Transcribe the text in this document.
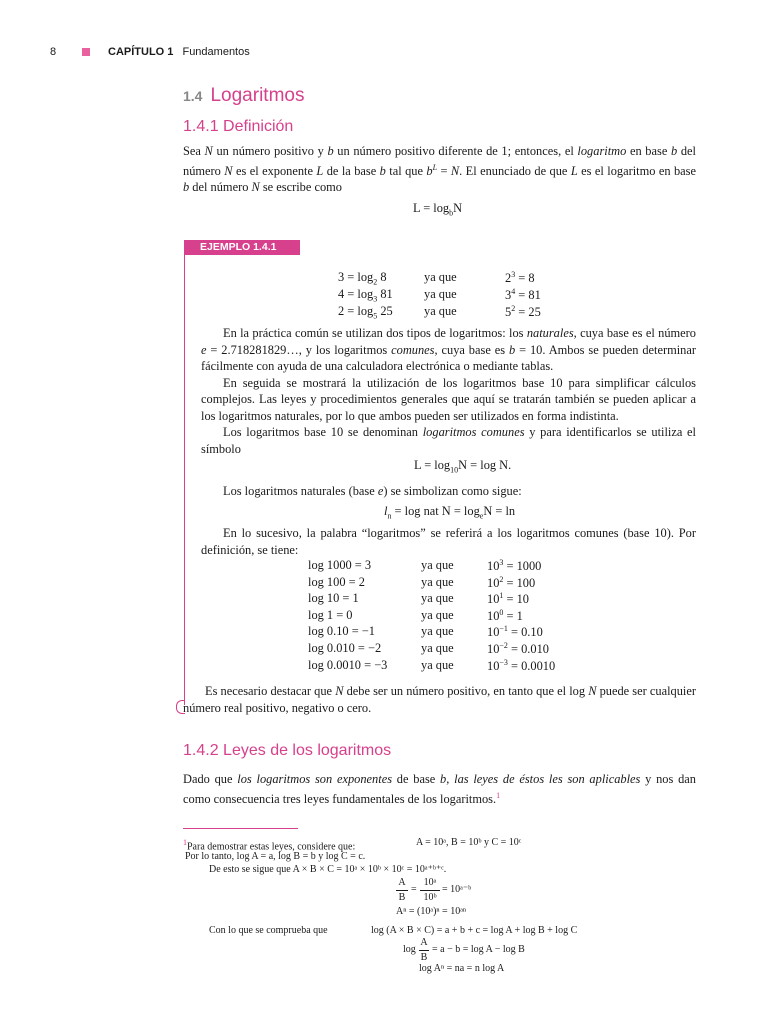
8	CAPÍTULO 1 Fundamentos
1.4 Logaritmos
1.4.1 Definición
Sea N un número positivo y b un número positivo diferente de 1; entonces, el logaritmo en base b del número N es el exponente L de la base b tal que $b^L = N$. El enunciado de que L es el logaritmo en base b del número N se escribe como
$L = \log_bN$
EJEMPLO 1.4.1
$3 = \log_2 8$	ya que	$2^3 = 8$
$4 = \log_3 81$	ya que	$3^4 = 81$
$2 = \log_5 25$	ya que	$5^2 = 25$
En la práctica común se utilizan dos tipos de logaritmos: los naturales, cuya base es el número e = 2.718281829…, y los logaritmos comunes, cuya base es b = 10. Ambos se pueden determinar fácilmente con ayuda de una calculadora electrónica o mediante tablas.
En seguida se mostrará la utilización de los logaritmos base 10 para simplificar cálculos complejos. Las leyes y procedimientos generales que aquí se tratarán también se pueden aplicar a los logaritmos naturales, por lo que ambos pueden ser utilizados en forma indistinta.
Los logaritmos base 10 se denominan logaritmos comunes y para identificarlos se utiliza el símbolo
$L = \log_{10}N = \log N$.
Los logaritmos naturales (base e) se simbolizan como sigue:
$l_n = \log$ nat $N = \log_eN = \ln$
En lo sucesivo, la palabra “logaritmos” se referirá a los logaritmos comunes (base 10). Por definición, se tiene:
log 1000 = 3	ya que	$10^3 = 1000$
log 100 = 2	ya que	$10^2 = 100$
log 10 = 1	ya que	$10^1 = 10$
log 1 = 0	ya que	$10^0 = 1$
log 0.10 = −1	ya que	$10^{-1} = 0.10$
log 0.010 = −2	ya que	$10^{-2} = 0.010$
log 0.0010 = −3	ya que	$10^{-3} = 0.0010$
Es necesario destacar que N debe ser un número positivo, en tanto que el log N puede ser cualquier número real positivo, negativo o cero.
1.4.2 Leyes de los logaritmos
Dado que los logaritmos son exponentes de base b, las leyes de éstos les son aplicables y nos dan como consecuencia tres leyes fundamentales de los logaritmos.$^1$
$^1$Para demostrar estas leyes, considere que:	A = 10ᵃ, B = 10ᵇ y C = 10ᶜ
Por lo tanto, log A = a, log B = b y log C = c.
De esto se sigue que A × B × C = 10ᵃ × 10ᵇ × 10ᶜ = 10ᵃ⁺ᵇ⁺ᶜ.
A
B
=
10ᵃ
10ᵇ
= 10ᵃ⁻ᵇ
Aⁿ = (10ᵃ)ⁿ = 10ᵃⁿ
Con lo que se comprueba que	log (A × B × C) = a + b + c = log A + log B + log C
log
A
B
= a − b = log A − log B
log Aⁿ = na = n log A
